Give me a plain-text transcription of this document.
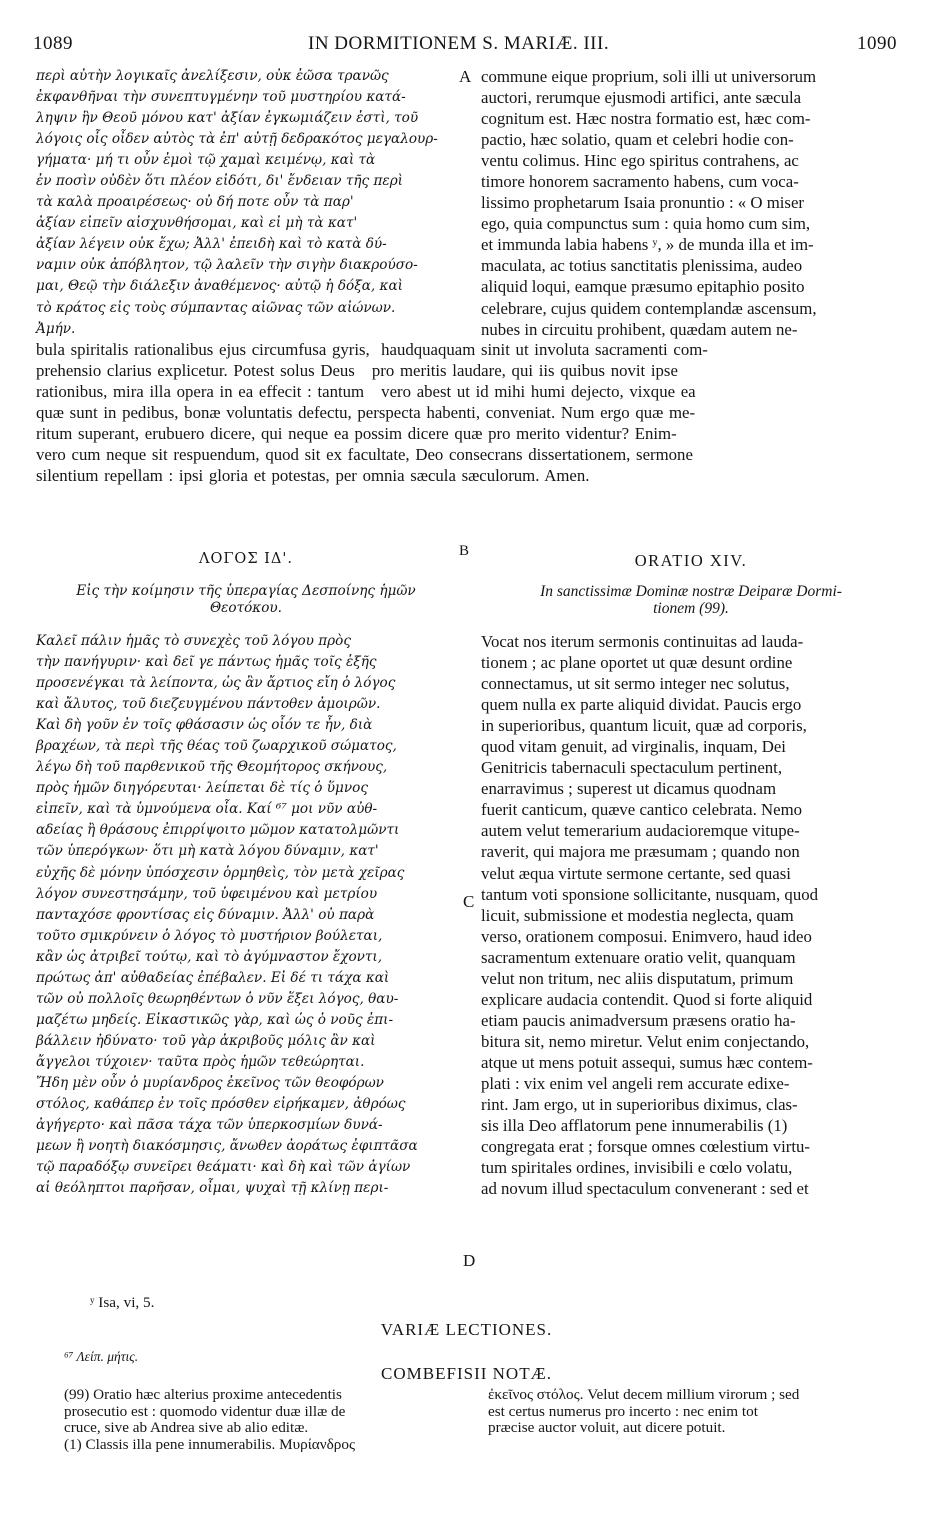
1089	IN DORMITIONEM S. MARIÆ. III.	1090
περὶ αὐτὴν λογικαῖς ἀνελίξεσιν, οὐκ ἐῶσα τρανῶς
ἐκφανθῆναι τὴν συνεπτυγμένην τοῦ μυστηρίου κατά-
ληψιν ἣν Θεοῦ μόνου κατ' ἀξίαν ἐγκωμιάζειν ἐστὶ, τοῦ
λόγοις οἷς οἶδεν αὐτὸς τὰ ἐπ' αὐτῇ δεδρακότος μεγαλουρ-
γήματα· μή τι οὖν ἐμοὶ τῷ χαμαὶ κειμένῳ, καὶ τὰ
ἐν ποσὶν οὐδὲν ὅτι πλέον εἰδότι, δι' ἔνδειαν τῆς περὶ
τὰ καλὰ προαιρέσεως· οὐ δή ποτε οὖν τὰ παρ'
ἀξίαν εἰπεῖν αἰσχυνθήσομαι, καὶ εἰ μὴ τὰ κατ'
ἀξίαν λέγειν οὐκ ἔχω; Ἀλλ' ἐπειδὴ καὶ τὸ κατὰ δύ-
ναμιν οὐκ ἀπόβλητον, τῷ λαλεῖν τὴν σιγὴν διακρούσο-
μαι, Θεῷ τὴν διάλεξιν ἀναθέμενος· αὐτῷ ἡ δόξα, καὶ
τὸ κράτος εἰς τοὺς σύμπαντας αἰῶνας τῶν αἰώνων.
Ἀμήν.
A commune eique proprium, soli illi ut universorum
auctori, rerumque ejusmodi artifici, ante sæcula
cognitum est. Hæc nostra formatio est, hæc com-
pactio, hæc solatio, quam et celebri hodie con-
ventu colimus. Hinc ego spiritus contrahens, ac
timore honorem sacramento habens, cum voca-
lissimo prophetarum Isaia pronuntio : « O miser
ego, quia compunctus sum : quia homo cum sim,
et immunda labia habens ʸ, » de munda illa et im-
maculata, ac totius sanctitatis plenissima, audeo
aliquid loqui, eamque præsumo epitaphio posito
celebrare, cujus quidem contemplandæ ascensum,
nubes in circuitu prohibent, quædam autem ne-
bula spiritalis rationalibus ejus circumfusa gyris,  haudquaquam sinit ut involuta sacramenti com-
prehensio clarius explicetur. Potest solus Deus   pro meritis laudare, qui iis quibus novit ipse
rationibus, mira illa opera in ea effecit : tantum   vero abest ut id mihi humi dejecto, vixque ea
quæ sunt in pedibus, bonæ voluntatis defectu, perspecta habenti, conveniat. Num ergo quæ me-
ritum superant, erubuero dicere, qui neque ea possim dicere quæ pro merito videntur? Enim-
vero cum neque sit respuendum, quod sit ex facultate, Deo consecrans dissertationem, sermone
silentium repellam : ipsi gloria et potestas, per omnia sæcula sæculorum. Amen.
ΛΟΓΟΣ ΙΔ'.	B	ORATIO XIV.
Εἰς τὴν κοίμησιν τῆς ὑπεραγίας Δεσποίνης ἡμῶν
Θεοτόκου.
In sanctissimæ Dominæ nostræ Deiparæ Dormi-
tionem (99).
Καλεῖ πάλιν ἡμᾶς τὸ συνεχὲς τοῦ λόγου πρὸς
τὴν πανήγυριν· καὶ δεῖ γε πάντως ἡμᾶς τοῖς ἑξῆς
προσενέγκαι τὰ λείποντα, ὡς ἂν ἄρτιος εἴη ὁ λόγος
καὶ ἄλυτος, τοῦ διεζευγμένου πάντοθεν ἀμοιρῶν.
Καὶ δὴ γοῦν ἐν τοῖς φθάσασιν ὡς οἷόν τε ἦν, διὰ
βραχέων, τὰ περὶ τῆς θέας τοῦ ζωαρχικοῦ σώματος,
λέγω δὴ τοῦ παρθενικοῦ τῆς Θεομήτορος σκήνους,
πρὸς ἡμῶν διηγόρευται· λείπεται δὲ τίς ὁ ὕμνος
εἰπεῖν, καὶ τὰ ὑμνούμενα οἷα. Καί ⁶⁷ μοι νῦν αὐθ-
αδείας ἢ θράσους ἐπιρρίψοιτο μῶμον κατατολμῶντι
τῶν ὑπερόγκων· ὅτι μὴ κατὰ λόγου δύναμιν, κατ'
εὐχῆς δὲ μόνην ὑπόσχεσιν ὁρμηθεὶς, τὸν μετὰ χεῖρας
λόγον συνεστησάμην, τοῦ ὑφειμένου καὶ μετρίου
πανταχόσε φροντίσας εἰς δύναμιν. Ἀλλ' οὐ παρὰ
τοῦτο σμικρύνειν ὁ λόγος τὸ μυστήριον βούλεται,
κἂν ὡς ἀτριβεῖ τούτῳ, καὶ τὸ ἀγύμναστον ἔχοντι,
πρώτως ἀπ' αὐθαδείας ἐπέβαλεν. Εἰ δέ τι τάχα καὶ
τῶν οὐ πολλοῖς θεωρηθέντων ὁ νῦν ἕξει λόγος, θαυ-
μαζέτω μηδείς. Εἰκαστικῶς γὰρ, καὶ ὡς ὁ νοῦς ἐπι-
βάλλειν ἠδύνατο· τοῦ γὰρ ἀκριβοῦς μόλις ἂν καὶ
ἄγγελοι τύχοιεν· ταῦτα πρὸς ἡμῶν τεθεώρηται.
Ἤδη μὲν οὖν ὁ μυρίανδρος ἐκεῖνος τῶν θεοφόρων
στόλος, καθάπερ ἐν τοῖς πρόσθεν εἰρήκαμεν, ἀθρόως
ἀγήγερτο· καὶ πᾶσα τάχα τῶν ὑπερκοσμίων δυνά-
μεων ἢ νοητὴ διακόσμησις, ἄνωθεν ἀοράτως ἐφιπτᾶσα
τῷ παραδόξῳ συνεῖρει θεάματι· καὶ δὴ καὶ τῶν ἁγίων
αἱ θεόληπτοι παρῆσαν, οἶμαι, ψυχαὶ τῇ κλίνῃ περι-
C
D
Vocat nos iterum sermonis continuitas ad lauda-
tionem ; ac plane oportet ut quæ desunt ordine
connectamus, ut sit sermo integer nec solutus,
quem nulla ex parte aliquid dividat. Paucis ergo
in superioribus, quantum licuit, quæ ad corporis,
quod vitam genuit, ad virginalis, inquam, Dei
Genitricis tabernaculi spectaculum pertinent,
enarravimus ; superest ut dicamus quodnam
fuerit canticum, quæve cantico celebrata. Nemo
autem velut temerarium audacioremque vitupe-
raverit, qui majora me præsumam ; quando non
velut æqua virtute sermone certante, sed quasi
tantum voti sponsione sollicitante, nusquam, quod
licuit, submissione et modestia neglecta, quam
verso, orationem composui. Enimvero, haud ideo
sacramentum extenuare oratio velit, quanquam
velut non tritum, nec aliis disputatum, primum
explicare audacia contendit. Quod si forte aliquid
etiam paucis animadversum præsens oratio ha-
bitura sit, nemo miretur. Velut enim conjectando,
atque ut mens potuit assequi, sumus hæc contem-
plati : vix enim vel angeli rem accurate edixe-
rint. Jam ergo, ut in superioribus diximus, clas-
sis illa Deo afflatorum pene innumerabilis (1)
congregata erat ; forsque omnes cœlestium virtu-
tum spiritales ordines, invisibili e cœlo volatu,
ad novum illud spectaculum convenerant : sed et
ʸ Isa, vi, 5.
VARIÆ LECTIONES.
⁶⁷ Λείπ. μήτις.
COMBEFISII NOTÆ.
(99) Oratio hæc alterius proxime antecedentis
prosecutio est : quomodo videntur duæ illæ de
cruce, sive ab Andrea sive ab alio editæ.
(1) Classis illa pene innumerabilis. Μυρίανδρος
ἐκεῖνος στόλος. Velut decem millium virorum ; sed
est certus numerus pro incerto : nec enim tot
præcise auctor voluit, aut dicere potuit.
